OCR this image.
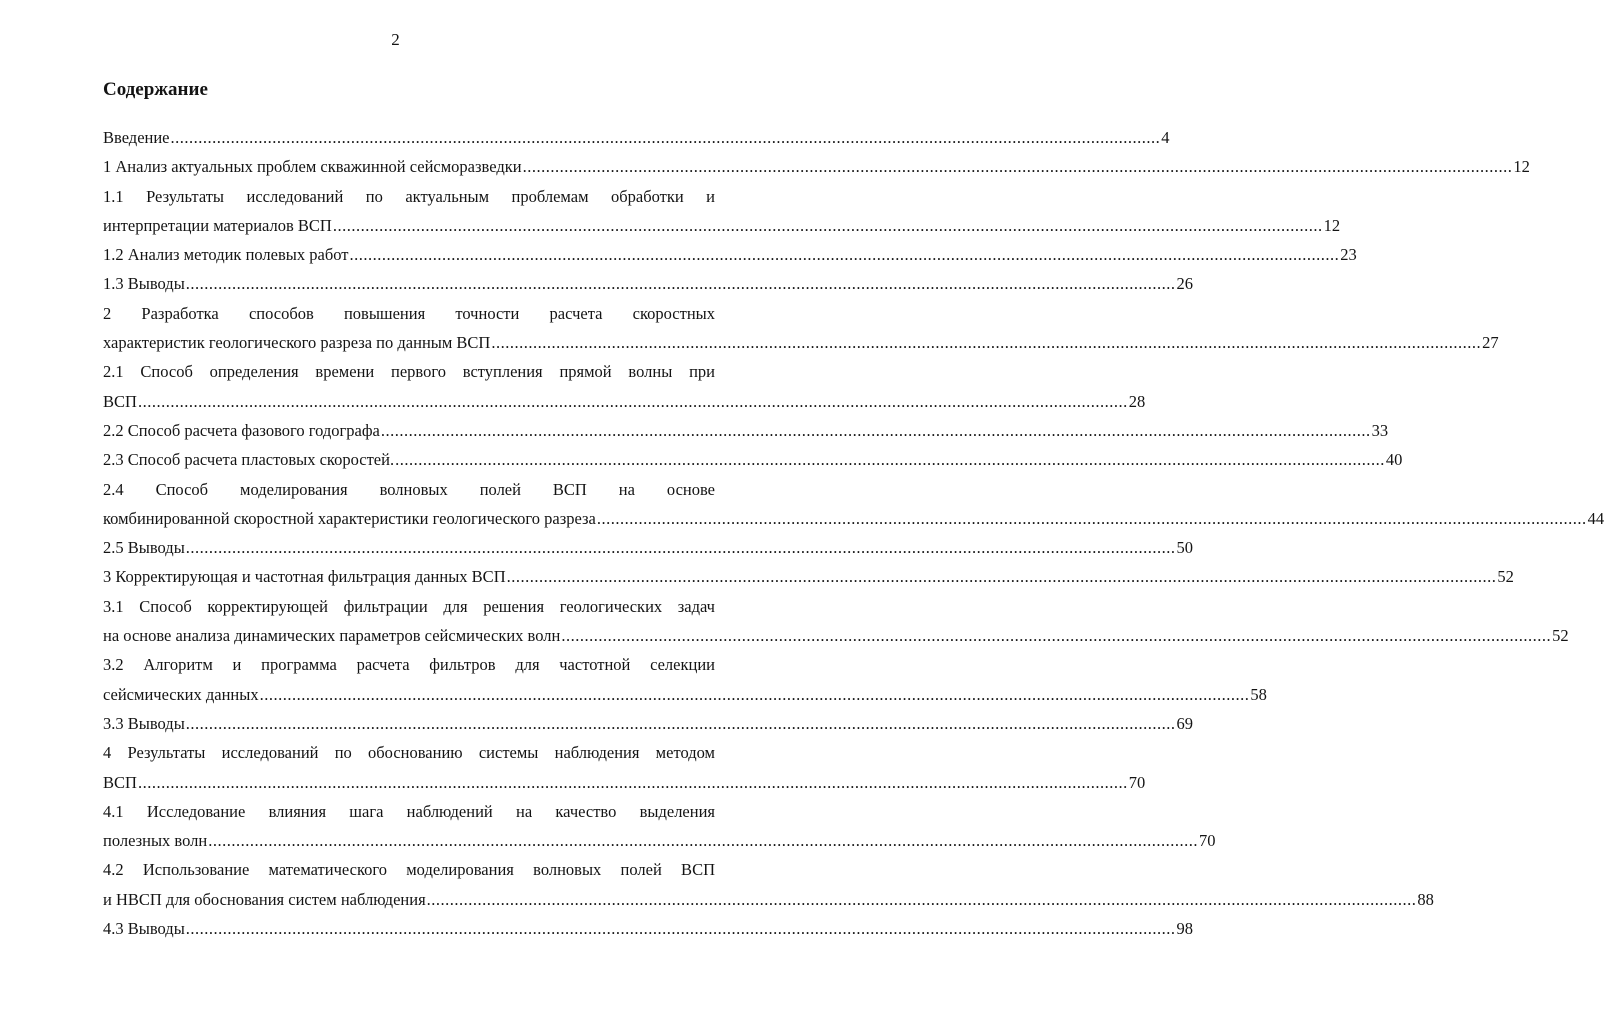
2
Содержание
Введение .....	4
1 Анализ актуальных проблем скважинной сейсморазведки .....	12
1.1 Результаты исследований по актуальным проблемам обработки и
интерпретации материалов ВСП .....	12
1.2 Анализ методик полевых работ .....	23
1.3 Выводы .....	26
2 Разработка способов повышения точности расчета скоростных
характеристик геологического разреза по данным ВСП .....	27
2.1 Способ определения времени первого вступления прямой волны при
ВСП .....	28
2.2 Способ расчета фазового годографа .....	33
2.3 Способ расчета пластовых скоростей. .....	40
2.4 Способ моделирования волновых полей ВСП на основе
комбинированной скоростной характеристики геологического разреза .....	44
2.5 Выводы .....	50
3 Корректирующая и частотная фильтрация данных ВСП .....	52
3.1 Способ корректирующей фильтрации для решения геологических задач
на основе анализа динамических параметров сейсмических волн .....	52
3.2 Алгоритм и программа расчета фильтров для частотной селекции
сейсмических данных .....	58
3.3 Выводы .....	69
4 Результаты исследований по обоснованию системы наблюдения методом
ВСП .....	70
4.1 Исследование влияния шага наблюдений на качество выделения
полезных волн .....	70
4.2 Использование математического моделирования волновых полей ВСП
и НВСП для обоснования систем наблюдения .....	88
4.3 Выводы .....	98
